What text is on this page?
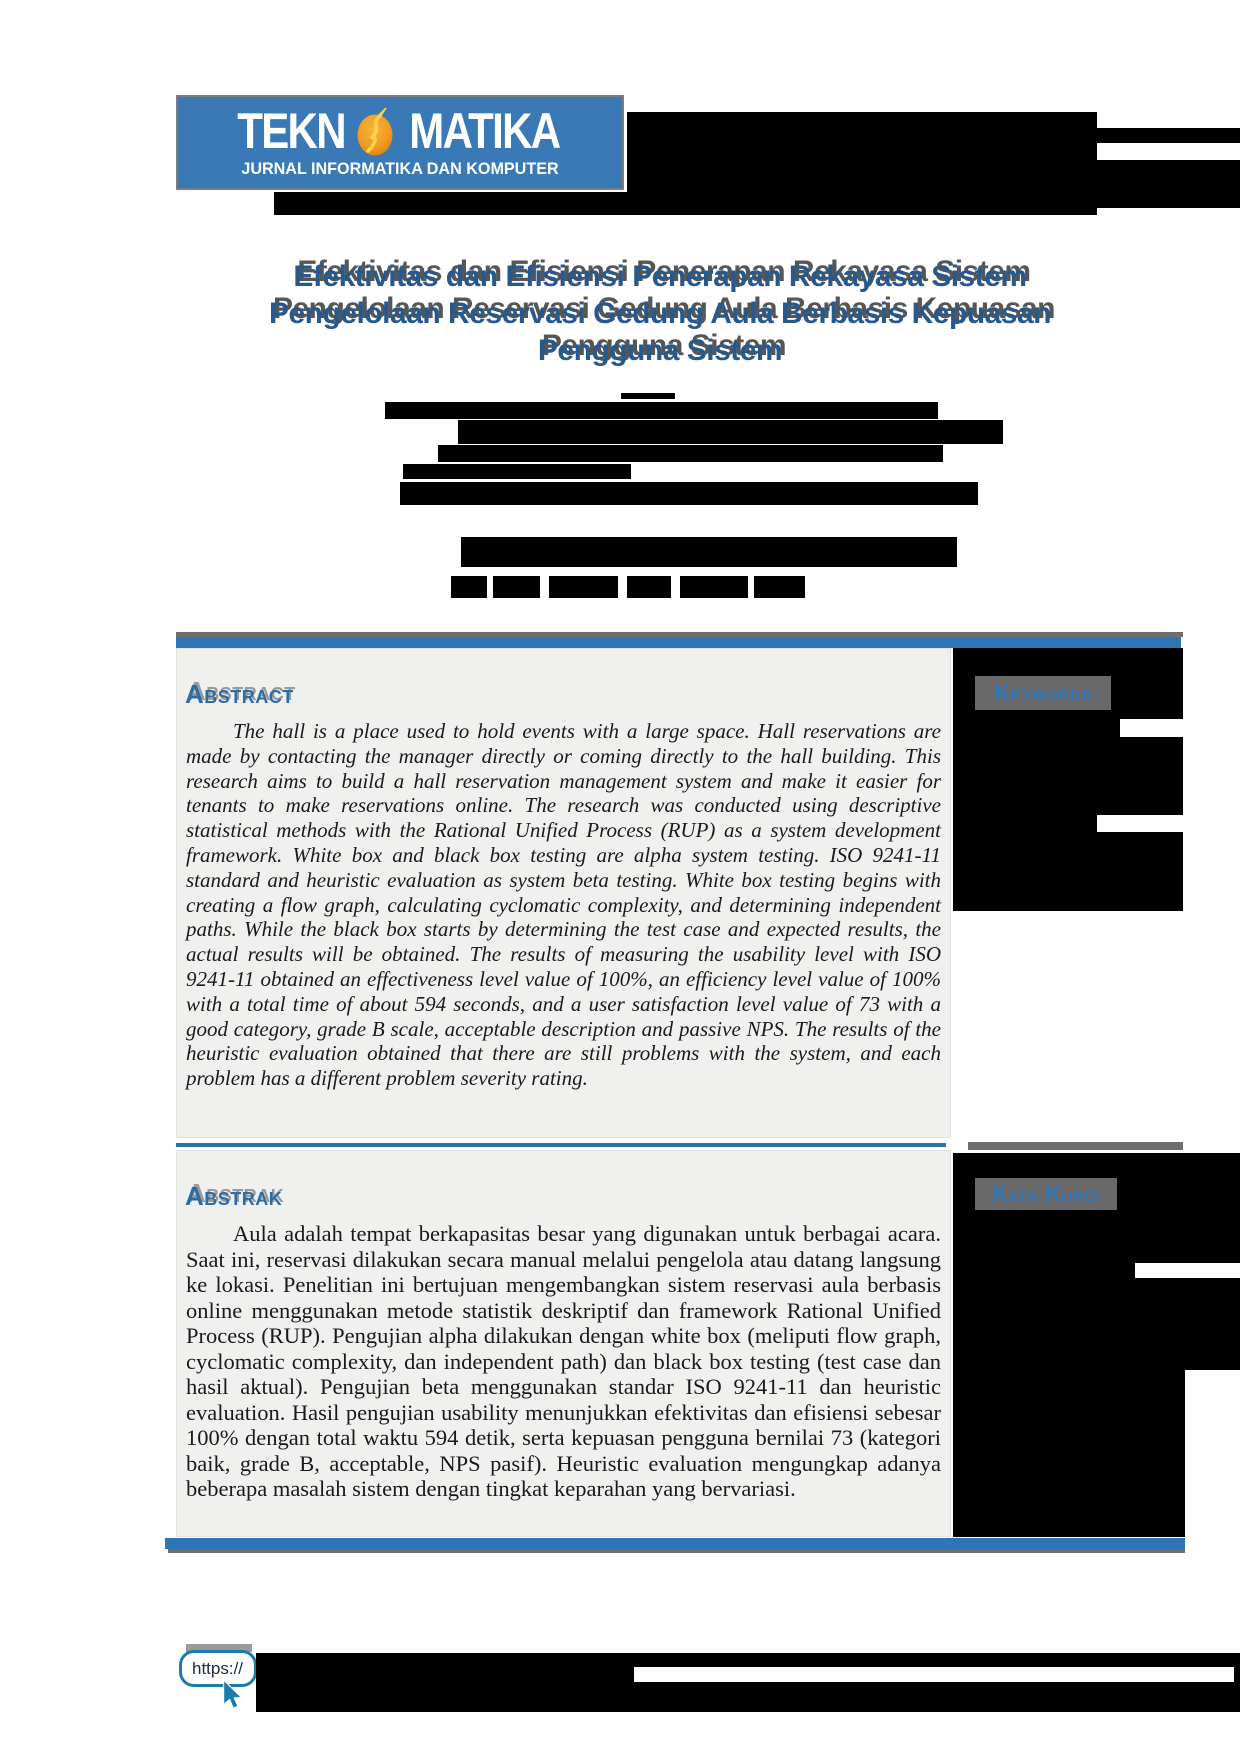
TEKN MATIKA
JURNAL INFORMATIKA DAN KOMPUTER
Efektivitas dan Efisiensi Penerapan Rekayasa Sistem
Pengelolaan Reservasi Gedung Aula Berbasis Kepuasan
Pengguna Sistem
Abstract

The hall is a place used to hold events with a large space. Hall reservations are made by contacting the manager directly or coming directly to the hall building. This research aims to build a hall reservation management system and make it easier for tenants to make reservations online. The research was conducted using descriptive statistical methods with the Rational Unified Process (RUP) as a system development framework. White box and black box testing are alpha system testing. ISO 9241-11 standard and heuristic evaluation as system beta testing. White box testing begins with creating a flow graph, calculating cyclomatic complexity, and determining independent paths. While the black box starts by determining the test case and expected results, the actual results will be obtained. The results of measuring the usability level with ISO 9241-11 obtained an effectiveness level value of 100%, an efficiency level value of 100% with a total time of about 594 seconds, and a user satisfaction level value of 73 with a good category, grade B scale, acceptable description and passive NPS. The results of the heuristic evaluation obtained that there are still problems with the system, and each problem has a different problem severity rating.

Keywords
Abstrak

Aula adalah tempat berkapasitas besar yang digunakan untuk berbagai acara. Saat ini, reservasi dilakukan secara manual melalui pengelola atau datang langsung ke lokasi. Penelitian ini bertujuan mengembangkan sistem reservasi aula berbasis online menggunakan metode statistik deskriptif dan framework Rational Unified Process (RUP). Pengujian alpha dilakukan dengan white box (meliputi flow graph, cyclomatic complexity, dan independent path) dan black box testing (test case dan hasil aktual). Pengujian beta menggunakan standar ISO 9241-11 dan heuristic evaluation. Hasil pengujian usability menunjukkan efektivitas dan efisiensi sebesar 100% dengan total waktu 594 detik, serta kepuasan pengguna bernilai 73 (kategori baik, grade B, acceptable, NPS pasif). Heuristic evaluation mengungkap adanya beberapa masalah sistem dengan tingkat keparahan yang bervariasi.

Kata Kunci
https://
